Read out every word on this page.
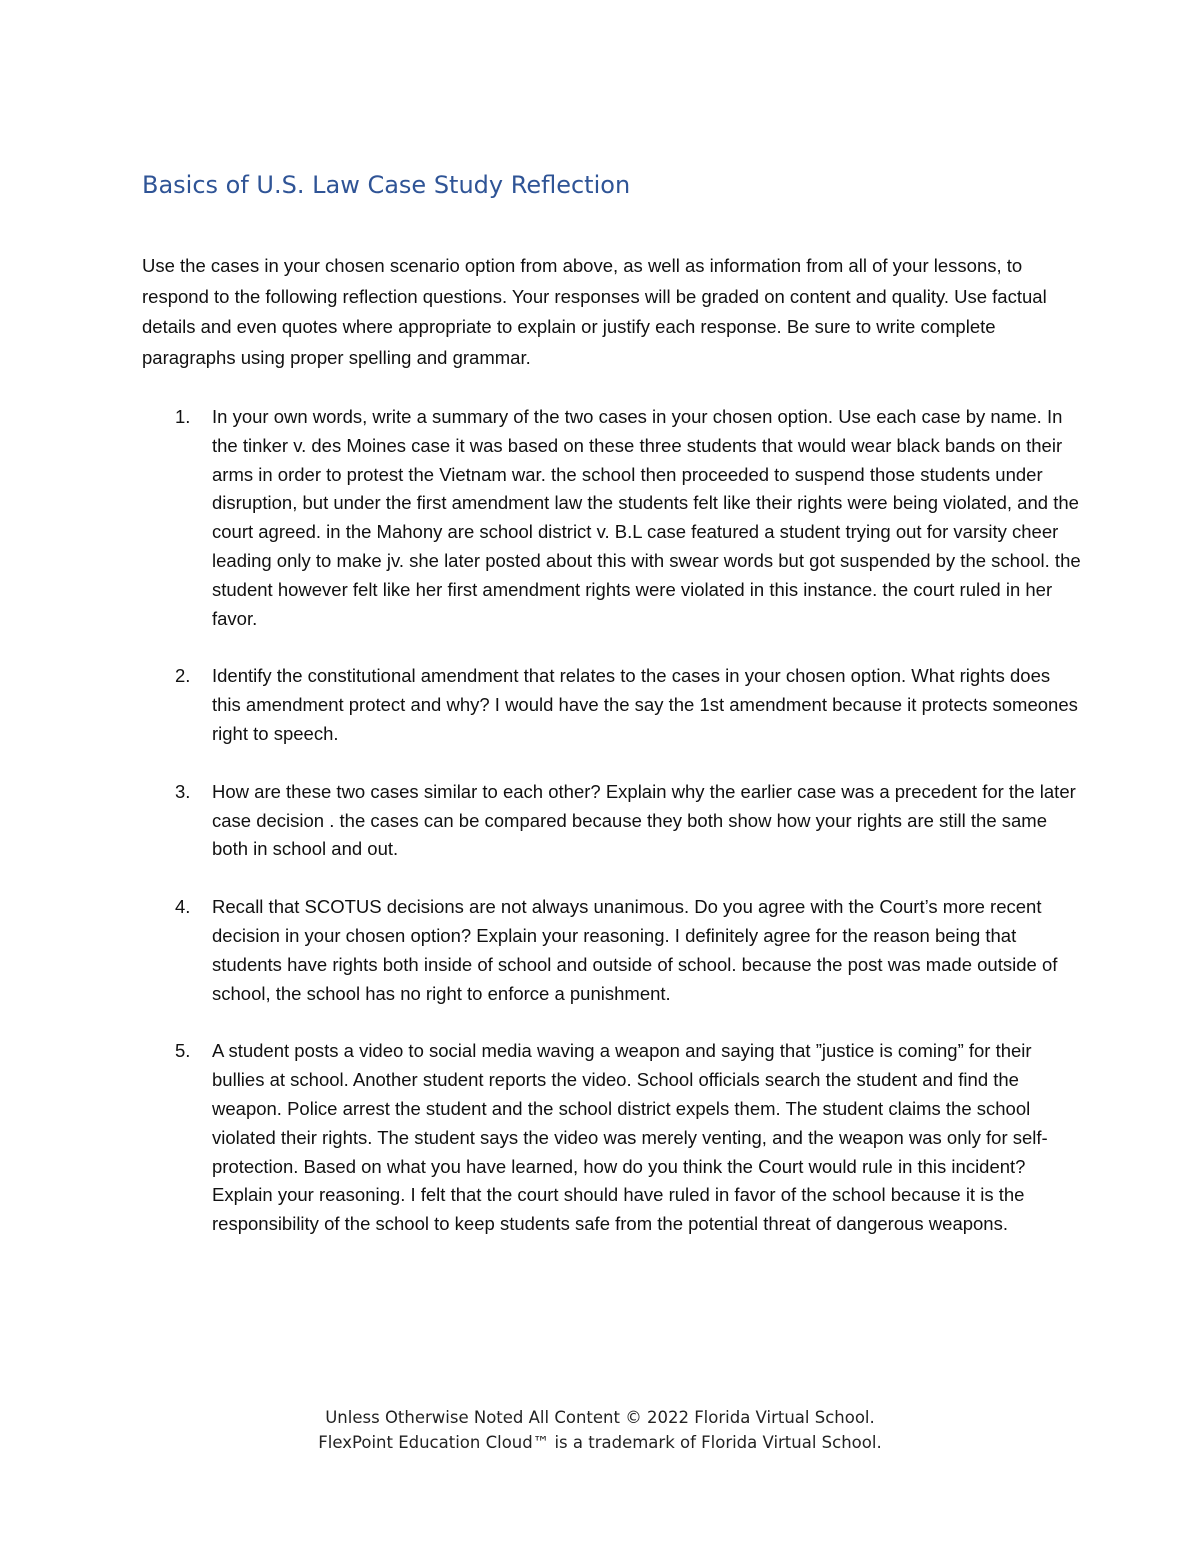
Basics of U.S. Law Case Study Reflection

Use the cases in your chosen scenario option from above, as well as information from all of your lessons, to respond to the following reflection questions. Your responses will be graded on content and quality. Use factual details and even quotes where appropriate to explain or justify each response. Be sure to write complete paragraphs using proper spelling and grammar.

1. In your own words, write a summary of the two cases in your chosen option. Use each case by name. In the tinker v. des Moines case it was based on these three students that would wear black bands on their arms in order to protest the Vietnam war. the school then proceeded to suspend those students under disruption, but under the first amendment law the students felt like their rights were being violated, and the court agreed. in the Mahony are school district v. B.L case featured a student trying out for varsity cheer leading only to make jv. she later posted about this with swear words but got suspended by the school. the student however felt like her first amendment rights were violated in this instance. the court ruled in her favor.
2. Identify the constitutional amendment that relates to the cases in your chosen option. What rights does this amendment protect and why? I would have the say the 1st amendment because it protects someones right to speech.
3. How are these two cases similar to each other? Explain why the earlier case was a precedent for the later case decision . the cases can be compared because they both show how your rights are still the same both in school and out.
4. Recall that SCOTUS decisions are not always unanimous. Do you agree with the Court’s more recent decision in your chosen option? Explain your reasoning. I definitely agree for the reason being that students have rights both inside of school and outside of school. because the post was made outside of school, the school has no right to enforce a punishment.
5. A student posts a video to social media waving a weapon and saying that ”justice is coming” for their bullies at school. Another student reports the video. School officials search the student and find the weapon. Police arrest the student and the school district expels them. The student claims the school violated their rights. The student says the video was merely venting, and the weapon was only for self-protection. Based on what you have learned, how do you think the Court would rule in this incident? Explain your reasoning. I felt that the court should have ruled in favor of the school because it is the responsibility of the school to keep students safe from the potential threat of dangerous weapons.
Unless Otherwise Noted All Content © 2022 Florida Virtual School.
FlexPoint Education Cloud™ is a trademark of Florida Virtual School.
